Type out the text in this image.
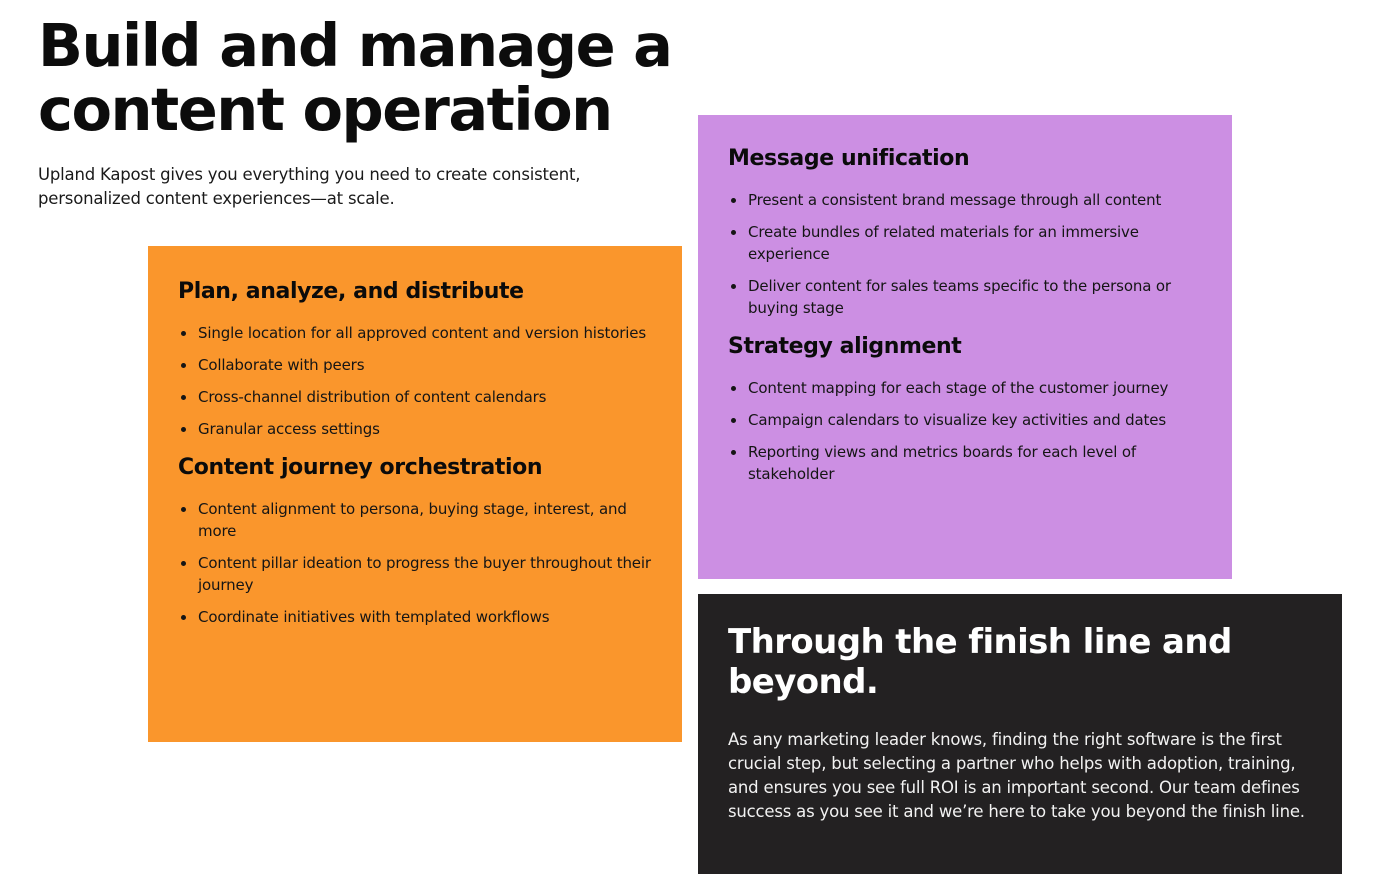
Build and manage a
content operation

Upland Kapost gives you everything you need to create consistent, personalized content experiences—at scale.

Plan, analyze, and distribute
Single location for all approved content and version histories
Collaborate with peers
Cross-channel distribution of content calendars
Granular access settings
Content journey orchestration
Content alignment to persona, buying stage, interest, and more
Content pillar ideation to progress the buyer throughout their journey
Coordinate initiatives with templated workflows
Message unification
Present a consistent brand message through all content
Create bundles of related materials for an immersive experience
Deliver content for sales teams specific to the persona or buying stage
Strategy alignment
Content mapping for each stage of the customer journey
Campaign calendars to visualize key activities and dates
Reporting views and metrics boards for each level of stakeholder
Through the finish line and beyond.

As any marketing leader knows, finding the right software is the first crucial step, but selecting a partner who helps with adoption, training, and ensures you see full ROI is an important second. Our team defines success as you see it and we’re here to take you beyond the finish line.
